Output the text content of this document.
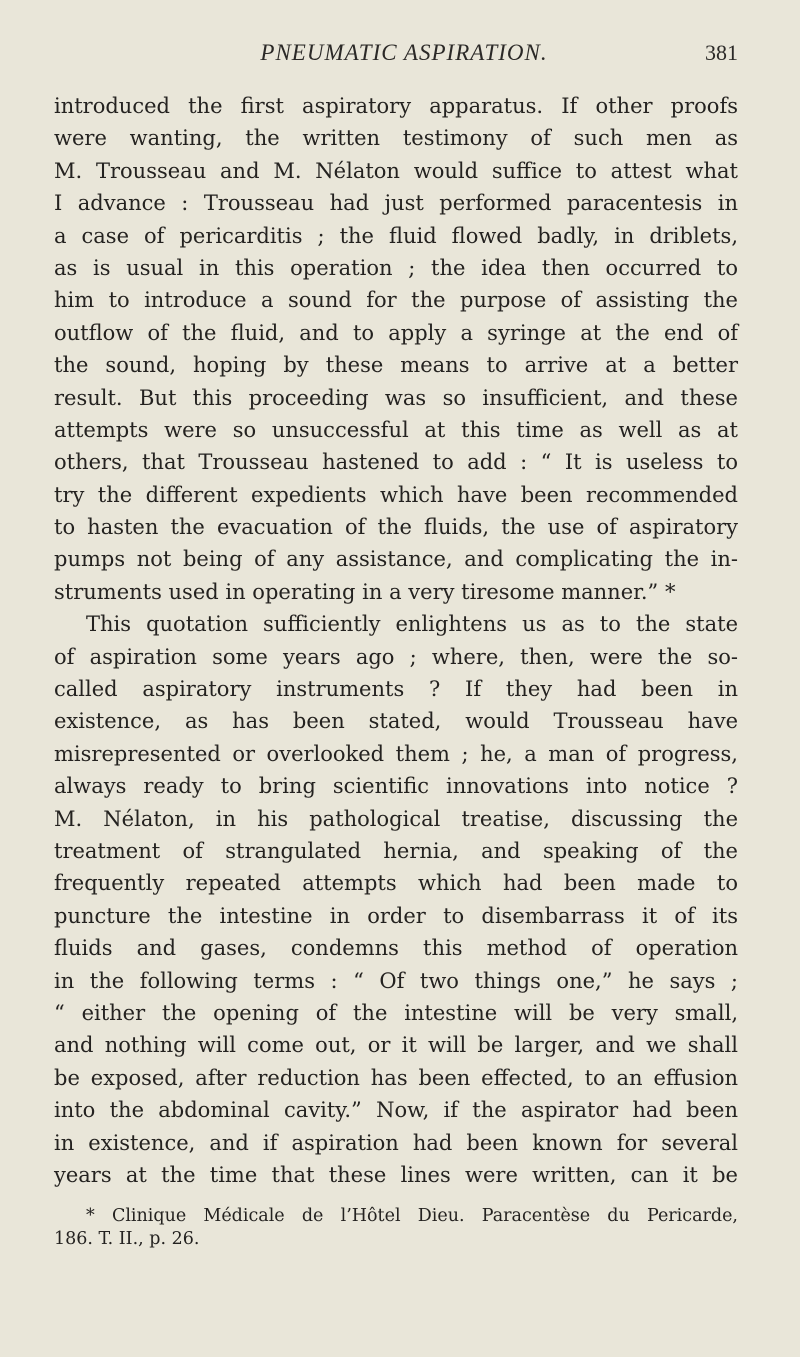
PNEUMATIC ASPIRATION.	381
introduced the first aspiratory apparatus. If other proofs
were wanting, the written testimony of such men as
M. Trousseau and M. Nélaton would suffice to attest what
I advance : Trousseau had just performed paracentesis in
a case of pericarditis ; the fluid flowed badly, in driblets,
as is usual in this operation ; the idea then occurred to
him to introduce a sound for the purpose of assisting the
outflow of the fluid, and to apply a syringe at the end of
the sound, hoping by these means to arrive at a better
result. But this proceeding was so insufficient, and these
attempts were so unsuccessful at this time as well as at
others, that Trousseau hastened to add : “ It is useless to
try the different expedients which have been recommended
to hasten the evacuation of the fluids, the use of aspiratory
pumps not being of any assistance, and complicating the in-
struments used in operating in a very tiresome manner.” *
This quotation sufficiently enlightens us as to the state
of aspiration some years ago ; where, then, were the so-
called aspiratory instruments ? If they had been in
existence, as has been stated, would Trousseau have
misrepresented or overlooked them ; he, a man of progress,
always ready to bring scientific innovations into notice ?
M. Nélaton, in his pathological treatise, discussing the
treatment of strangulated hernia, and speaking of the
frequently repeated attempts which had been made to
puncture the intestine in order to disembarrass it of its
fluids and gases, condemns this method of operation
in the following terms : “ Of two things one,” he says ;
“ either the opening of the intestine will be very small,
and nothing will come out, or it will be larger, and we shall
be exposed, after reduction has been effected, to an effusion
into the abdominal cavity.” Now, if the aspirator had been
in existence, and if aspiration had been known for several
years at the time that these lines were written, can it be
* Clinique Médicale de l’Hôtel Dieu. Paracentèse du Pericarde,
186. T. II., p. 26.
